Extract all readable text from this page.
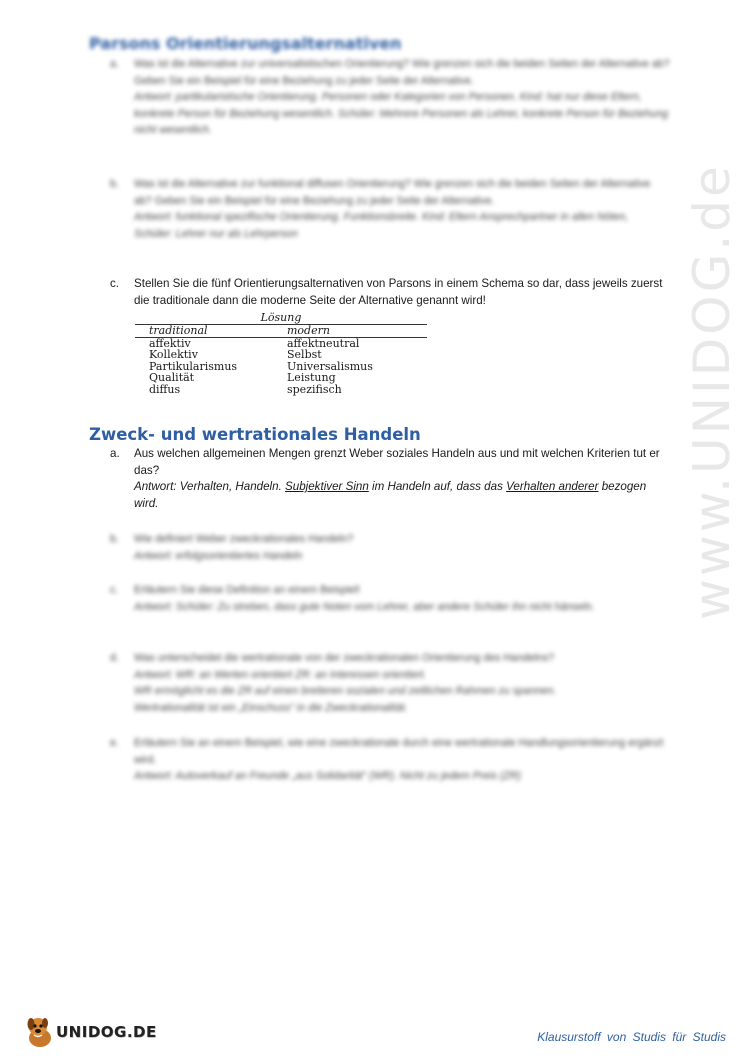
www.UNIDOG.de
Parsons Orientierungsalternativen
a. Was ist die Alternative zur universalistischen Orientierung? Wie grenzen sich die beiden Seiten der Alternative ab? Geben Sie ein Beispiel für eine Beziehung zu jeder Seite der Alternative.
Antwort: partikularistische Orientierung. Personen oder Kategorien von Personen. Kind: hat nur diese Eltern, konkrete Person für Beziehung wesentlich. Schüler: Mehrere Personen als Lehrer, konkrete Person für Beziehung nicht wesentlich.
b. Was ist die Alternative zur funktional diffusen Orientierung? Wie grenzen sich die beiden Seiten der Alternative ab? Geben Sie ein Beispiel für eine Beziehung zu jeder Seite der Alternative.
Antwort: funktional spezifische Orientierung. Funktionsbreite. Kind: Eltern Ansprechpartner in allen Nöten, Schüler: Lehrer nur als Lehrperson
c. Stellen Sie die fünf Orientierungsalternativen von Parsons in einem Schema so dar, dass jeweils zuerst die traditionale dann die moderne Seite der Alternative genannt wird!
Lösung
traditional	modern
affektiv	affektneutral
Kollektiv	Selbst
Partikularismus	Universalismus
Qualität	Leistung
diffus	spezifisch
Zweck- und wertrationales Handeln
a. Aus welchen allgemeinen Mengen grenzt Weber soziales Handeln aus und mit welchen Kriterien tut er das?
Antwort: Verhalten, Handeln. Subjektiver Sinn im Handeln auf, dass das Verhalten anderer bezogen wird.
b. Wie definiert Weber zweckrationales Handeln?
Antwort: erfolgsorientiertes Handeln
c. Erläutern Sie diese Definition an einem Beispiel!
Antwort: Schüler: Zu streben, dass gute Noten vom Lehrer, aber andere Schüler ihn nicht hänseln.
d. Was unterscheidet die wertrationale von der zweckrationalen Orientierung des Handelns?
Antwort: WR: an Werten orientiert ZR: an Interessen orientiert.
WR ermöglicht es die ZR auf einen breiteren sozialen und zeitlichen Rahmen zu spannen.
Wertrationalität ist ein „Einschuss“ in die Zweckrationalität.
e. Erläutern Sie an einem Beispiel, wie eine zweckrationale durch eine wertrationale Handlungsorientierung ergänzt wird.
Antwort: Autoverkauf an Freunde „aus Solidarität“ (WR). Nicht zu jedem Preis (ZR)
UNIDOG.DE	Klausurstoff von Studis für Studis
